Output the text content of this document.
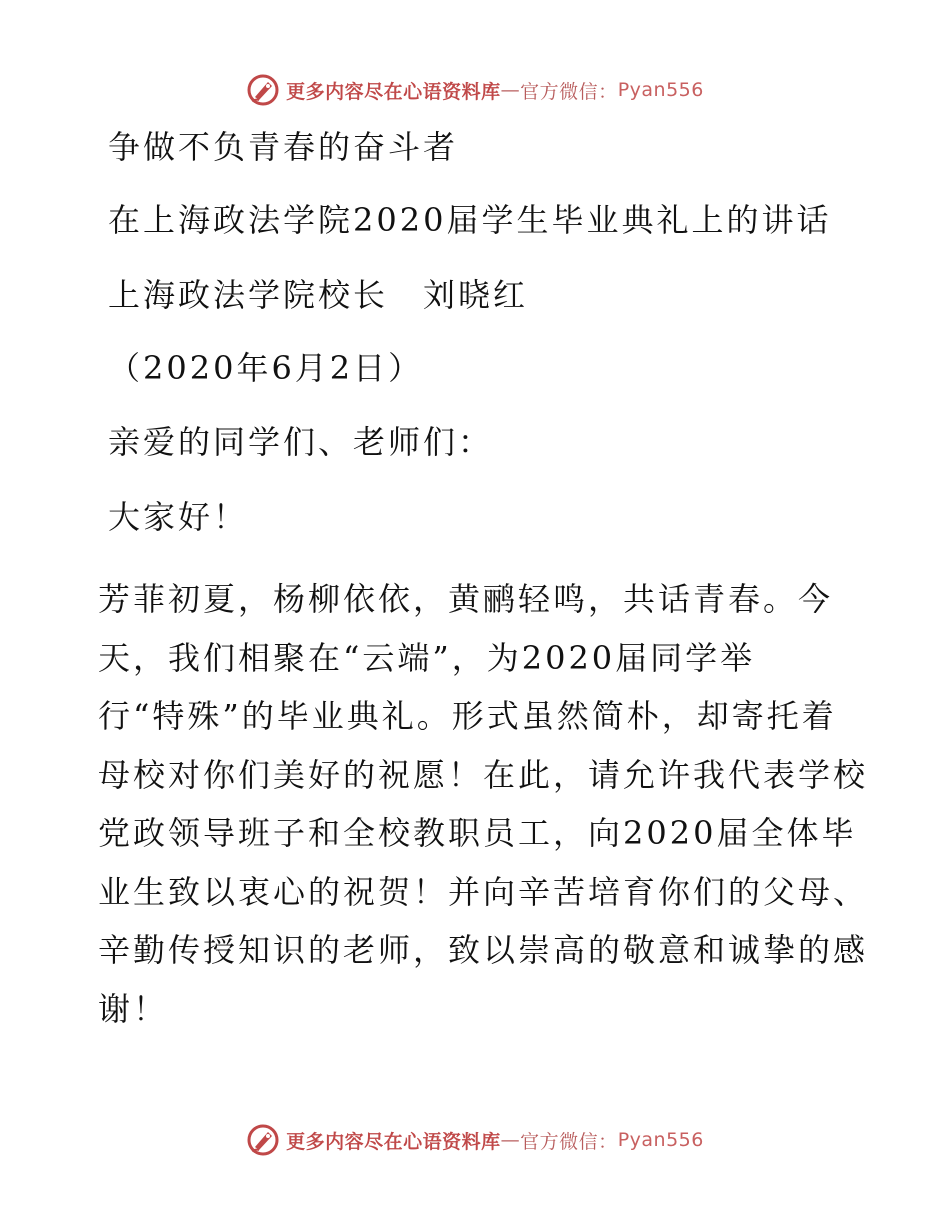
更多内容尽在心语资料库 — 官方微信： Pyan556
争做不负青春的奋斗者
在上海政法学院2020届学生毕业典礼上的讲话
上海政法学院校长　刘晓红
（2020年6月2日）
亲爱的同学们、老师们：
大家好！
芳菲初夏，杨柳依依，黄鹂轻鸣，共话青春。今
天，我们相聚在“云端”，为2020届同学举
行“特殊”的毕业典礼。形式虽然简朴，却寄托着
母校对你们美好的祝愿！在此，请允许我代表学校
党政领导班子和全校教职员工，向2020届全体毕
业生致以衷心的祝贺！并向辛苦培育你们的父母、
辛勤传授知识的老师，致以崇高的敬意和诚挚的感
谢！
更多内容尽在心语资料库 — 官方微信： Pyan556
